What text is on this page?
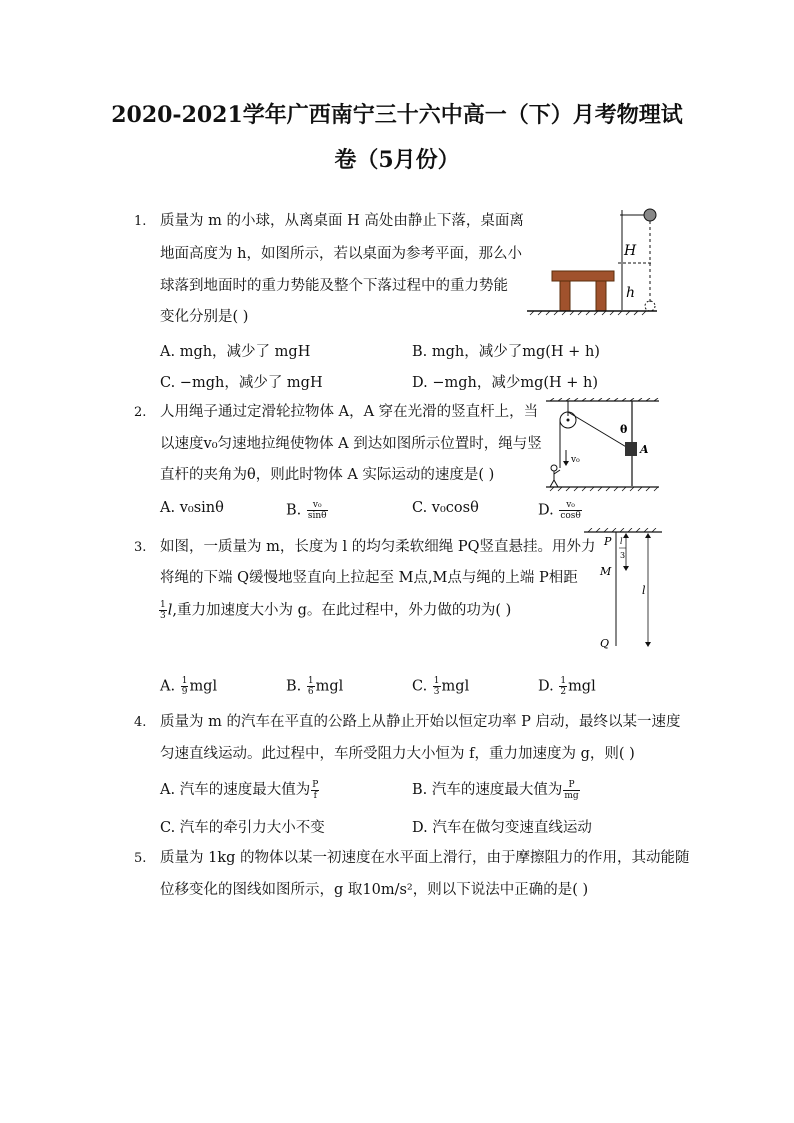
2020-2021学年广西南宁三十六中高一（下）月考物理试
卷（5月份）
1. 质量为 m 的小球，从离桌面 H 高处由静止下落，桌面离
地面高度为 h，如图所示，若以桌面为参考平面，那么小
球落到地面时的重力势能及整个下落过程中的重力势能
变化分别是( )
A. mgh，减少了 mgH	B. mgh，减少了mg(H + h)
C. −mgh，减少了 mgH	D. −mgh，减少mg(H + h)
H
h
2. 人用绳子通过定滑轮拉物体 A，A 穿在光滑的竖直杆上，当
以速度v₀匀速地拉绳使物体 A 到达如图所示位置时，绳与竖
直杆的夹角为θ，则此时物体 A 实际运动的速度是( )
A. v₀sinθ	B. $\frac{\text{v₀}}{\sin\theta}$	C. v₀cosθ	D. $\frac{\text{v₀}}{\cos\theta}$
A
θ
v₀
3. 如图，一质量为 m，长度为 l 的均匀柔软细绳 PQ竖直悬挂。用外力
将绳的下端 Q缓慢地竖直向上拉起至 M点,M点与绳的上端 P相距
$\frac{1}{3} l$,重力加速度大小为 g。在此过程中，外力做的功为( )
P
M
Q
l
3
l
A. $\frac{1}{9}$ mgl	B. $\frac{1}{6}$ mgl	C. $\frac{1}{3}$ mgl	D. $\frac{1}{2}$ mgl
4. 质量为 m 的汽车在平直的公路上从静止开始以恒定功率 P 启动，最终以某一速度
匀速直线运动。此过程中，车所受阻力大小恒为 f，重力加速度为 g，则( )
A. 汽车的速度最大值为 $\frac{P}{f}$	B. 汽车的速度最大值为 $\frac{P}{mg}$
C. 汽车的牵引力大小不变	D. 汽车在做匀变速直线运动
5. 质量为 1kg 的物体以某一初速度在水平面上滑行，由于摩擦阻力的作用，其动能随
位移变化的图线如图所示，g 取10m/s²，则以下说法中正确的是( )
